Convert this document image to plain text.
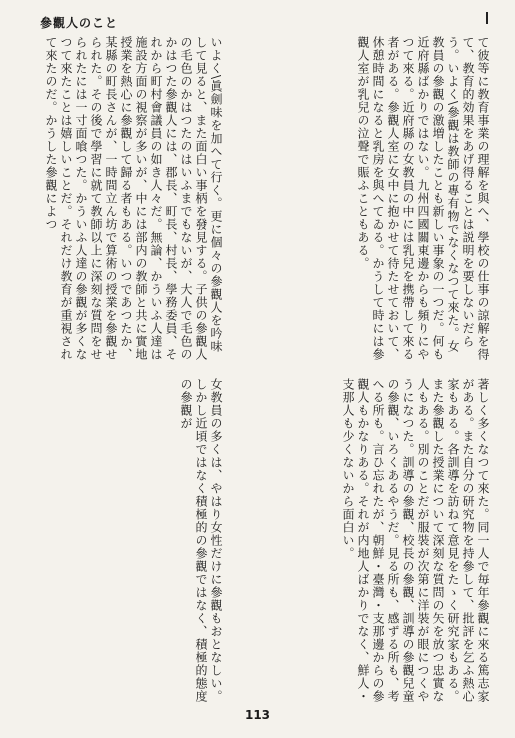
參觀人のこと
て彼等に教育事業の理解を與へ、學校の仕事の諒解を得て、教育的効果をあげ得ることは説明を要しないだらう。いよく\參觀は教師の專有物でなくなつて來た。女教員の參觀の激増したことも新しい事象の一つだ。何も近府縣ばかりではない。九州四國關東邊からも頻りにやつて來る。近府縣の女教員の中には乳兒を携帶して來る者がある。參觀人室に女中に抱かせて待たせておいて、休憩時間になると乳房を與へてゐる。かうして時には參觀人室が乳兒の泣聲で賑ふこともある。
いよく\眞劍味を加へて行く。更に個々の參觀人を吟味して見ると、また面白い事柄を發見する。子供の參觀人の毛色のかはつたのはいふまでもないが、大人で毛色のかはつた參觀人には、郡長、町長、村長、學務委員、それから町村會議員の如き人々だ。無論、かういふ人達は施設方面の視察が多いが、中には部内の教師と共に實地授業を熱心に參觀して歸る者もある。いつであつたか、某縣の町長さんが、一時間立ん坊で算術の授業を參觀せられた。その後で學習に就て教師以上に深刻な質問をせられたには一寸面喰つた。かういふ人達の參觀が多くなつて來たことは嬉しいことだ。それだけ教育が重視されて來たのだ。かうした參觀によつ
著しく多くなつて來た。同一人で毎年參觀に來る篤志家がある。また自分の研究物を持參して、批評を乞ふ熱心家もある。各訓導を訪ねて意見をたゝく研究家もある。また參觀した授業について深刻な質問の矢を放つ忠實な人もある。別のことだが服裝が次第に洋裝が眼につくやうになつた。訓導の參觀、校長の參觀、訓導の參觀兒童の參觀、いろくあるやうだ。見る所も、感ずる所も、考へる所も。言ひ忘れたが、朝鮮・臺灣・支那邊からの參觀人もかなりある。それが内地人ばかりでなく、鮮人・支那人も少くないから面白い。
女教員の多くは、やはり女性だけに參觀もおとなしい。しかし近頃ではなく積極的の參觀ではなく、積極的態度の參觀が
113
